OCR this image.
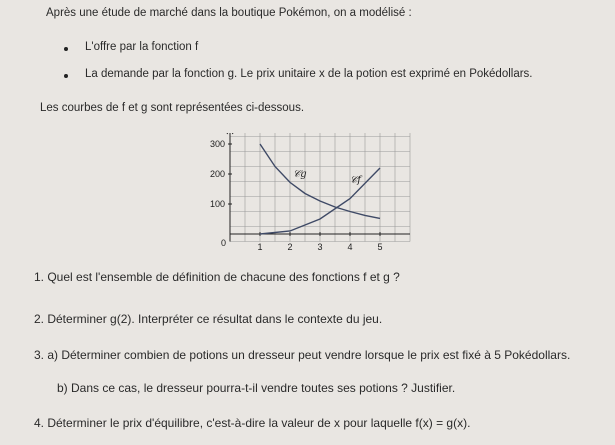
Après une étude de marché dans la boutique Pokémon, on a modélisé :
L'offre par la fonction f
La demande par la fonction g. Le prix unitaire x de la potion est exprimé en Pokédollars.
Les courbes de f et g sont représentées ci-dessous.
1	2	3	4	5
100
200
300
0
𝒞g
𝒞f
1. Quel est l'ensemble de définition de chacune des fonctions f et g ?
2. Déterminer g(2). Interpréter ce résultat dans le contexte du jeu.
3. a) Déterminer combien de potions un dresseur peut vendre lorsque le prix est fixé à 5 Pokédollars.
b) Dans ce cas, le dresseur pourra-t-il vendre toutes ses potions ? Justifier.
4. Déterminer le prix d'équilibre, c'est-à-dire la valeur de x pour laquelle f(x) = g(x).
